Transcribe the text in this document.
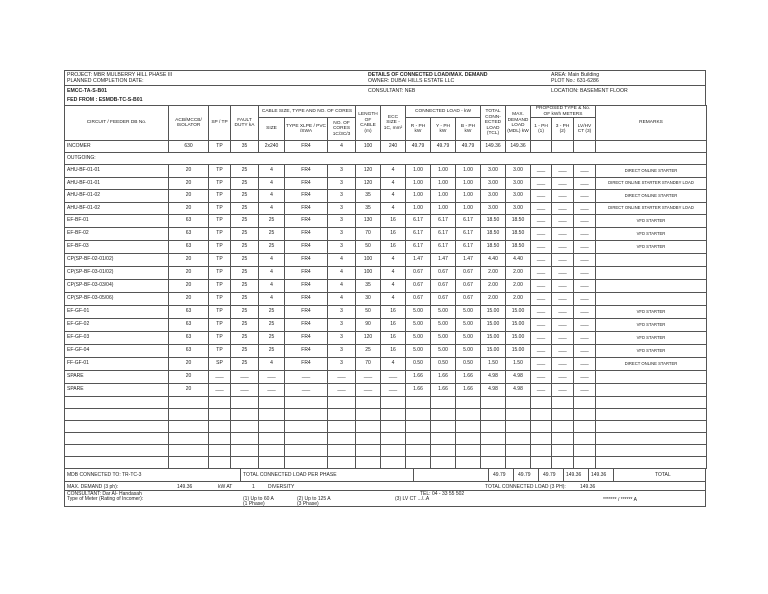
PROJECT: MBR MULBERRY HILL PHASE III
PLANNED COMPLETION DATE:
DETAILS OF CONNECTED LOAD/MAX. DEMAND
OWNER: DUBAI HILLS ESTATE LLC
AREA: Main Building
PLOT No.: 631-6286
EMCC-TA-S-B01	CONSULTANT: NEB	LOCATION: BASEMENT FLOOR
FED FROM : ESMDB-TC-S-B01
CIRCUIT / FEEDER DB No.	ACB/MCCB/ ISOLATOR	SP / TP	FAULT DUTY kA	CABLE SIZE, TYPE AND NO. OF CORES			LENGTH OF CABLE (m)	ECC SIZE - 1C, mm²	CONNECTED LOAD - kW			TOTAL CONN- ECTED LOAD (TCL)	MAX. DEMAND LOAD (MDL) kW	PROPOSED TYPE & No. OF kWh METERS			REMARKS
				SIZE	TYPE XLPE / PVC /SWA	NO. OF CORES 1C/3C/3			R - PH kW	Y - PH kW	B - PH kW			1 - PH (1)	3 - PH (2)	LV/HV CT (3)	
INCOMER	630	TP	35	2x240	FR4	4	100	240	49.79	49.79	49.79	149.36	149.36				
OUTGOING:																	
AHU-BF-01-01	20	TP	25	4	FR4	3	120	4	1.00	1.00	1.00	3.00	3.00	___	___	___	DIRECT ONLINE STARTER
AHU-BF-01-01	20	TP	25	4	FR4	3	120	4	1.00	1.00	1.00	3.00	3.00	___	___	___	DIRECT ONLINE STARTER STANDBY LOAD
AHU-BF-01-02	20	TP	25	4	FR4	3	35	4	1.00	1.00	1.00	3.00	3.00	___	___	___	DIRECT ONLINE STARTER
AHU-BF-01-02	20	TP	25	4	FR4	3	35	4	1.00	1.00	1.00	3.00	3.00	___	___	___	DIRECT ONLINE STARTER STANDBY LOAD
EF-BF-01	63	TP	25	25	FR4	3	130	16	6.17	6.17	6.17	18.50	18.50	___	___	___	VFD STARTER
EF-BF-02	63	TP	25	25	FR4	3	70	16	6.17	6.17	6.17	18.50	18.50	___	___	___	VFD STARTER
EF-BF-03	63	TP	25	25	FR4	3	50	16	6.17	6.17	6.17	18.50	18.50	___	___	___	VFD STARTER
CP(SP-BF-02-01/02)	20	TP	25	4	FR4	4	100	4	1.47	1.47	1.47	4.40	4.40	___	___	___	
CP(SP-BF-03-01/02)	20	TP	25	4	FR4	4	100	4	0.67	0.67	0.67	2.00	2.00	___	___	___	
CP(SP-BF-03-03/04)	20	TP	25	4	FR4	4	35	4	0.67	0.67	0.67	2.00	2.00	___	___	___	
CP(SP-BF-03-05/06)	20	TP	25	4	FR4	4	30	4	0.67	0.67	0.67	2.00	2.00	___	___	___	
EF-GF-01	63	TP	25	25	FR4	3	50	16	5.00	5.00	5.00	15.00	15.00	___	___	___	VFD STARTER
EF-GF-02	63	TP	25	25	FR4	3	90	16	5.00	5.00	5.00	15.00	15.00	___	___	___	VFD STARTER
EF-GF-03	63	TP	25	25	FR4	3	120	16	5.00	5.00	5.00	15.00	15.00	___	___	___	VFD STARTER
EF-GF-04	63	TP	25	25	FR4	3	25	16	5.00	5.00	5.00	15.00	15.00	___	___	___	VFD STARTER
FF-GF-01	20	SP	25	4	FR4	3	70	4	0.50	0.50	0.50	1.50	1.50	___	___	___	DIRECT ONLINE STARTER
SPARE	20	___	___	___	___	___	___	___	1.66	1.66	1.66	4.98	4.98	___	___	___	
SPARE	20	___	___	___	___	___	___	___	1.66	1.66	1.66	4.98	4.98	___	___	___	

MDB CONNECTED TO: TR-TC-3	TOTAL CONNECTED LOAD PER PHASE	49.79 49.79 49.79 149.36 149.36	TOTAL
MAX. DEMAND (3 ph):	149.36	kW AT	1	DIVERSITY	TOTAL CONNECTED LOAD (3 PH):	149.36
CONSULTANT: Dar Al- Handasah
Type of Meter (Rating of Incomer):	(1) Up to 60 A
(1 Phase)
(2) Up to 125 A
(3 Phase)
(3) LV CT .../..A
TEL: 04 - 33 55 502
******* / ****** A
